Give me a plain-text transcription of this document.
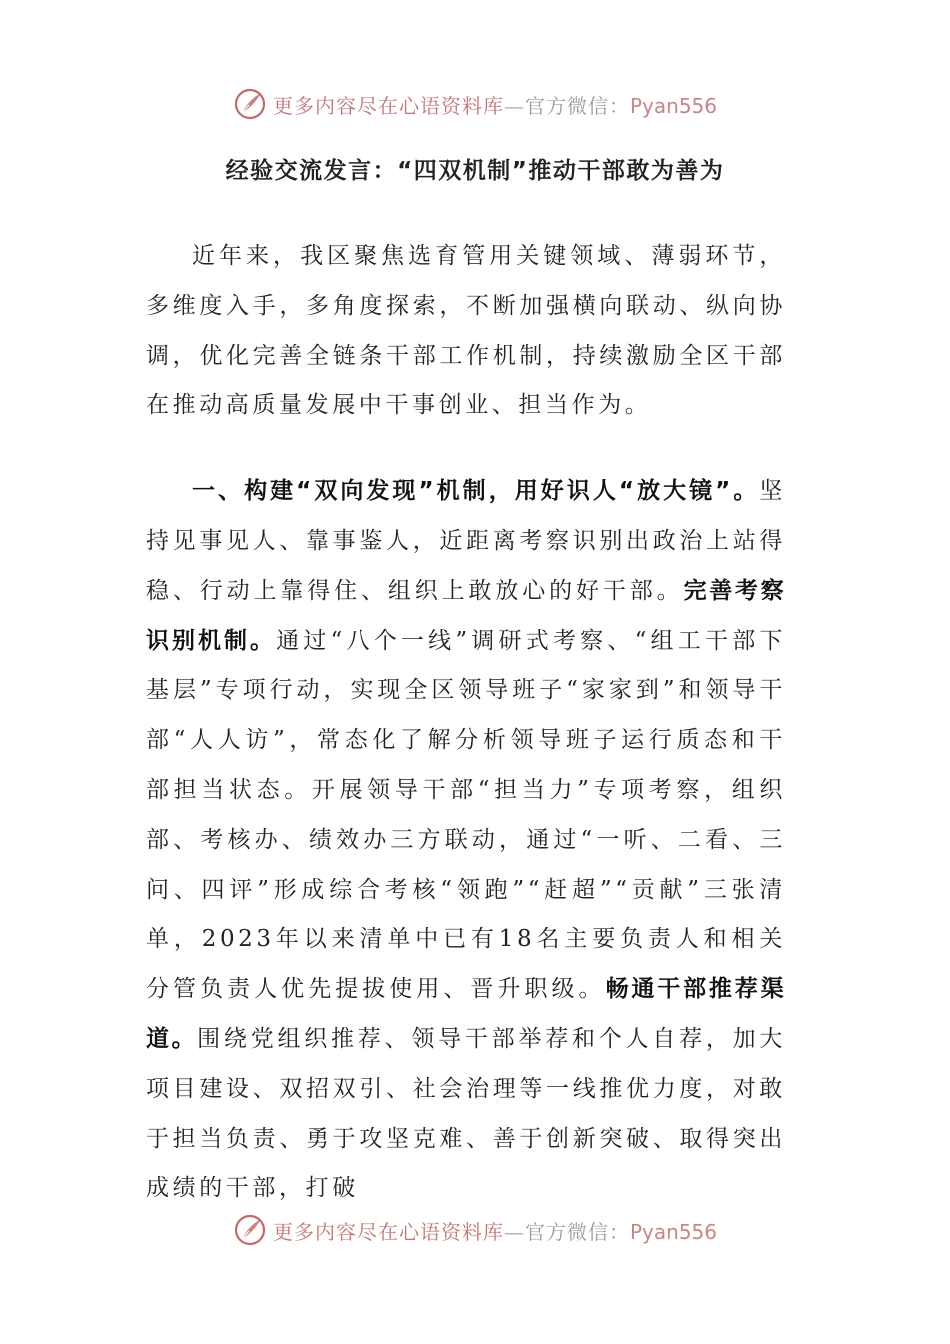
更多内容尽在心语资料库—官方微信：Pyan556
经验交流发言：“四双机制”推动干部敢为善为

近年来，我区聚焦选育管用关键领域、薄弱环节，多维度入手，多角度探索，不断加强横向联动、纵向协调，优化完善全链条干部工作机制，持续激励全区干部在推动高质量发展中干事创业、担当作为。

一、构建“双向发现”机制，用好识人“放大镜”。坚持见事见人、靠事鉴人，近距离考察识别出政治上站得稳、行动上靠得住、组织上敢放心的好干部。完善考察识别机制。通过“八个一线”调研式考察、“组工干部下基层”专项行动，实现全区领导班子“家家到”和领导干部“人人访”，常态化了解分析领导班子运行质态和干部担当状态。开展领导干部“担当力”专项考察，组织部、考核办、绩效办三方联动，通过“一听、二看、三问、四评”形成综合考核“领跑”“赶超”“贡献”三张清单，2023年以来清单中已有18名主要负责人和相关分管负责人优先提拔使用、晋升职级。畅通干部推荐渠道。围绕党组织推荐、领导干部举荐和个人自荐，加大项目建设、双招双引、社会治理等一线推优力度，对敢于担当负责、勇于攻坚克难、善于创新突破、取得突出成绩的干部，打破

更多内容尽在心语资料库—官方微信：Pyan556
